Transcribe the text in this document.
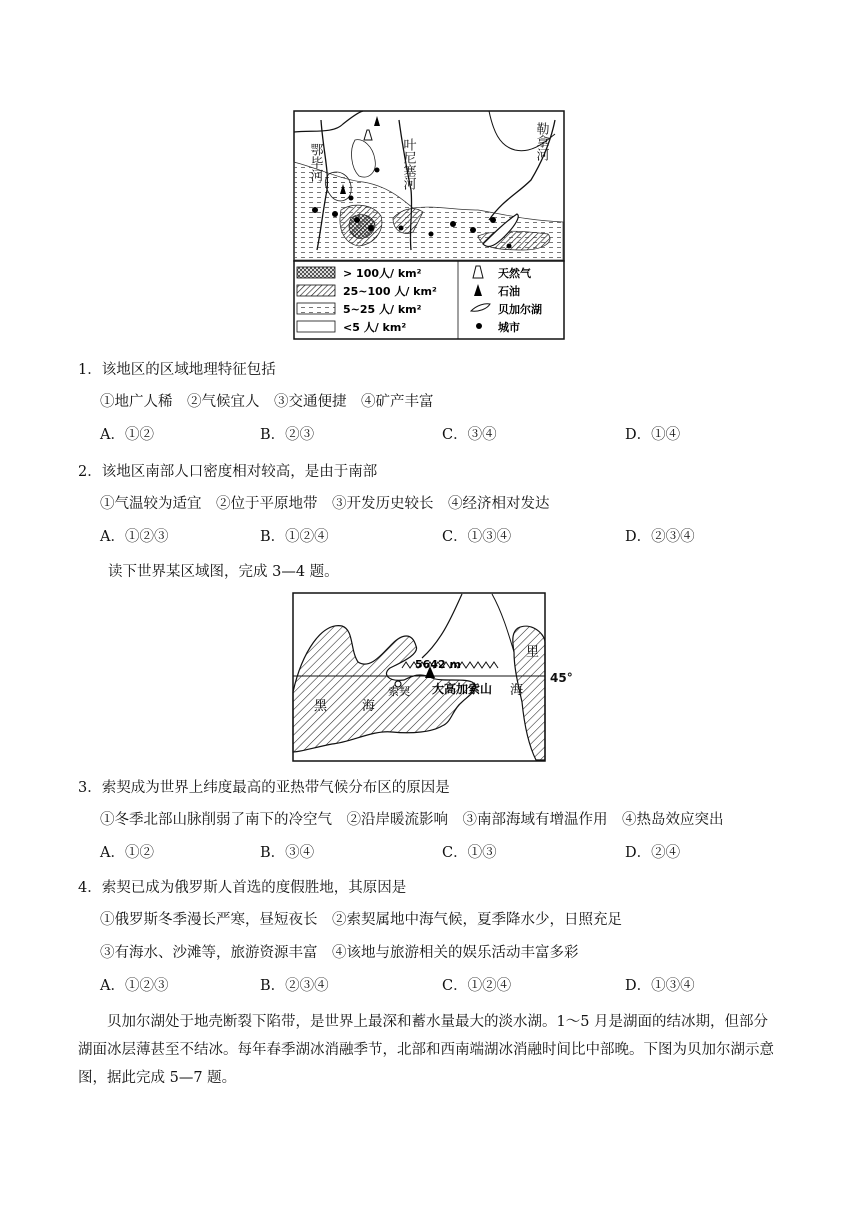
鄂毕河	叶尼塞河	勒拿河
> 100人/ km²
25~100 人/ km²
5~25 人/ km²
<5 人/ km²
天然气
石油
贝加尔湖
城市
1．该地区的区域地理特征包括
①地广人稀　②气候宜人　③交通便捷　④矿产丰富
A．①②	B．②③	C．③④	D．①④
2．该地区南部人口密度相对较高，是由于南部
①气温较为适宜　②位于平原地带　③开发历史较长　④经济相对发达
A．①②③	B．①②④	C．①③④	D．②③④
读下世界某区域图，完成 3—4 题。
5642 m
大高加索山
索契
黑	海
里
海
45°
3．索契成为世界上纬度最高的亚热带气候分布区的原因是
①冬季北部山脉削弱了南下的冷空气　②沿岸暖流影响　③南部海域有增温作用　④热岛效应突出
A．①②	B．③④	C．①③	D．②④
4．索契已成为俄罗斯人首选的度假胜地，其原因是
①俄罗斯冬季漫长严寒，昼短夜长　②索契属地中海气候，夏季降水少，日照充足
③有海水、沙滩等，旅游资源丰富　④该地与旅游相关的娱乐活动丰富多彩
A．①②③	B．②③④	C．①②④	D．①③④
贝加尔湖处于地壳断裂下陷带，是世界上最深和蓄水量最大的淡水湖。1～5 月是湖面的结冰期，但部分湖面冰层薄甚至不结冰。每年春季湖冰消融季节，北部和西南端湖冰消融时间比中部晚。下图为贝加尔湖示意图，据此完成 5—7 题。
